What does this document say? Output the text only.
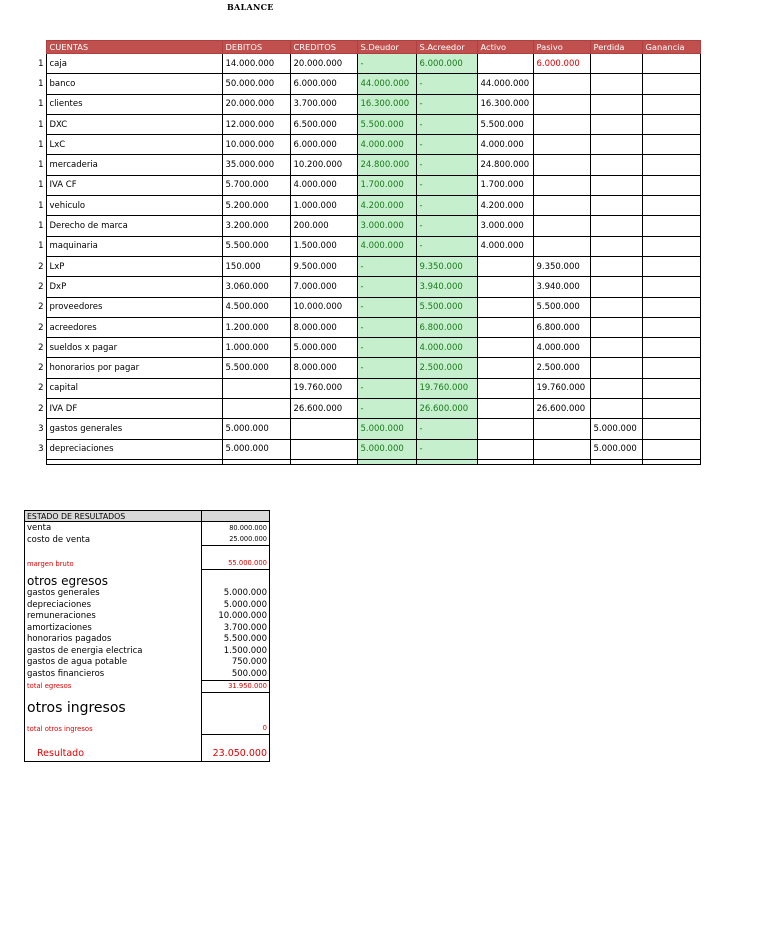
BALANCE
	CUENTAS	DEBITOS	CREDITOS	S.Deudor	S.Acreedor	Activo	Pasivo	Perdida	Ganancia
1	caja	14.000.000	20.000.000	-	6.000.000		6.000.000		
1	banco	50.000.000	6.000.000	44.000.000	-	44.000.000			
1	clientes	20.000.000	3.700.000	16.300.000	-	16.300.000			
1	DXC	12.000.000	6.500.000	5.500.000	-	5.500.000			
1	LxC	10.000.000	6.000.000	4.000.000	-	4.000.000			
1	mercaderia	35.000.000	10.200.000	24.800.000	-	24.800.000			
1	IVA CF	5.700.000	4.000.000	1.700.000	-	1.700.000			
1	vehiculo	5.200.000	1.000.000	4.200.000	-	4.200.000			
1	Derecho de marca	3.200.000	200.000	3.000.000	-	3.000.000			
1	maquinaria	5.500.000	1.500.000	4.000.000	-	4.000.000			
2	LxP	150.000	9.500.000	-	9.350.000		9.350.000		
2	DxP	3.060.000	7.000.000	-	3.940.000		3.940.000		
2	proveedores	4.500.000	10.000.000	-	5.500.000		5.500.000		
2	acreedores	1.200.000	8.000.000	-	6.800.000		6.800.000		
2	sueldos x pagar	1.000.000	5.000.000	-	4.000.000		4.000.000		
2	honorarios por pagar	5.500.000	8.000.000	-	2.500.000		2.500.000		
2	capital		19.760.000	-	19.760.000		19.760.000		
2	IVA DF		26.600.000	-	26.600.000		26.600.000		
3	gastos generales	5.000.000		5.000.000	-			5.000.000	
3	depreciaciones	5.000.000		5.000.000	-			5.000.000	

ESTADO DE RESULTADOS	
venta	80.000.000
costo de venta	25.000.000

margen bruto	55.000.000
otros egresos	
gastos generales	5.000.000
depreciaciones	5.000.000
remuneraciones	10.000.000
amortizaciones	3.700.000
honorarios pagados	5.500.000
gastos de energia electrica	1.500.000
gastos de agua potable	750.000
gastos financieros	500.000
total egresos	31.950.000
otros ingresos	
total otros ingresos	0

Resultado	23.050.000
